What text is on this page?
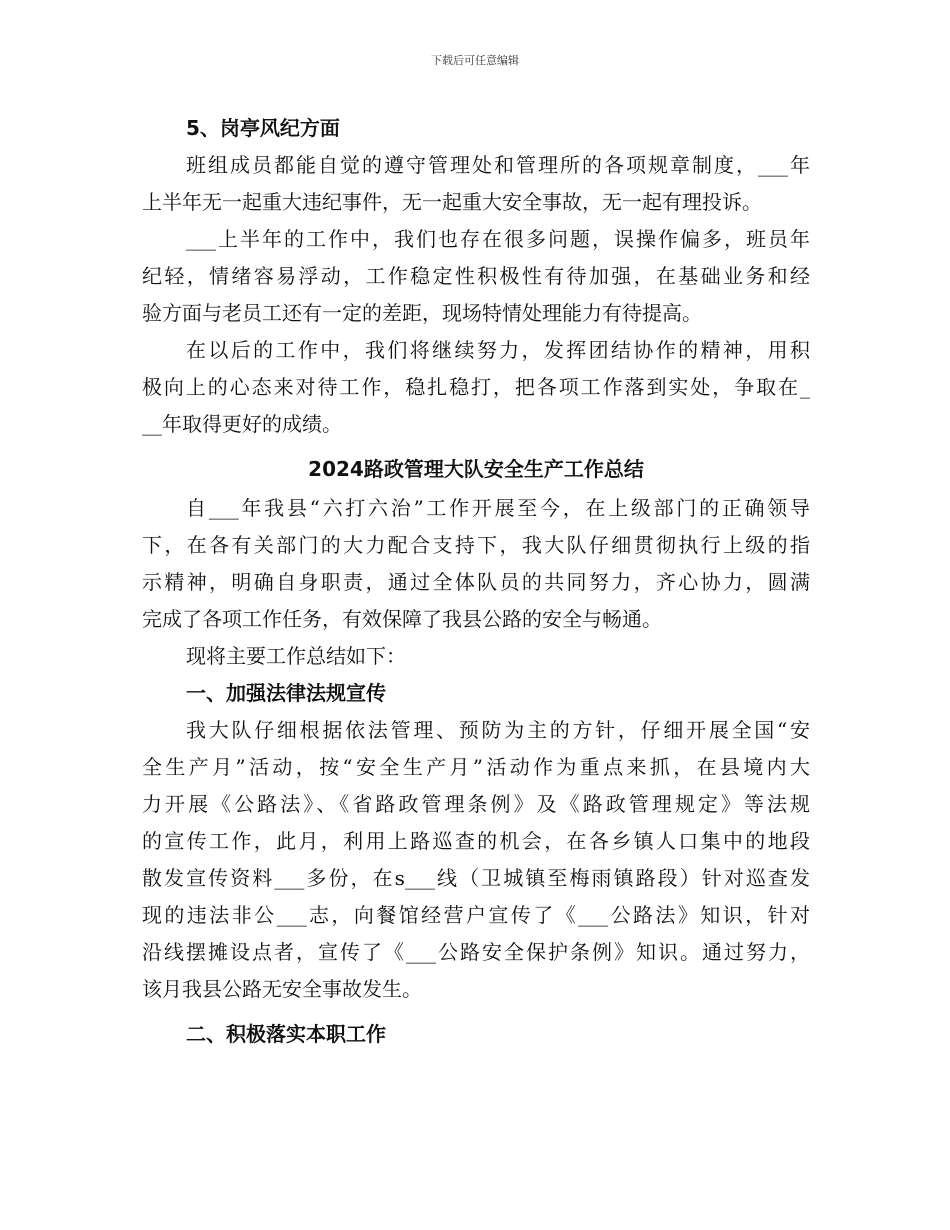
下载后可任意编辑
5、岗亭风纪方面
班组成员都能自觉的遵守管理处和管理所的各项规章制度，___年
上半年无一起重大违纪事件，无一起重大安全事故，无一起有理投诉。
___上半年的工作中，我们也存在很多问题，误操作偏多，班员年
纪轻，情绪容易浮动，工作稳定性积极性有待加强，在基础业务和经
验方面与老员工还有一定的差距，现场特情处理能力有待提高。
在以后的工作中，我们将继续努力，发挥团结协作的精神，用积
极向上的心态来对待工作，稳扎稳打，把各项工作落到实处，争取在_
__年取得更好的成绩。
2024路政管理大队安全生产工作总结
自___年我县“六打六治”工作开展至今，在上级部门的正确领导
下，在各有关部门的大力配合支持下，我大队仔细贯彻执行上级的指
示精神，明确自身职责，通过全体队员的共同努力，齐心协力，圆满
完成了各项工作任务，有效保障了我县公路的安全与畅通。
现将主要工作总结如下：
一、加强法律法规宣传
我大队仔细根据依法管理、预防为主的方针，仔细开展全国“安
全生产月”活动，按“安全生产月”活动作为重点来抓，在县境内大
力开展《公路法》、《省路政管理条例》及《路政管理规定》等法规
的宣传工作，此月，利用上路巡查的机会，在各乡镇人口集中的地段
散发宣传资料___多份，在s___线（卫城镇至梅雨镇路段）针对巡查发
现的违法非公___志，向餐馆经营户宣传了《___公路法》知识，针对
沿线摆摊设点者，宣传了《___公路安全保护条例》知识。通过努力，
该月我县公路无安全事故发生。
二、积极落实本职工作
